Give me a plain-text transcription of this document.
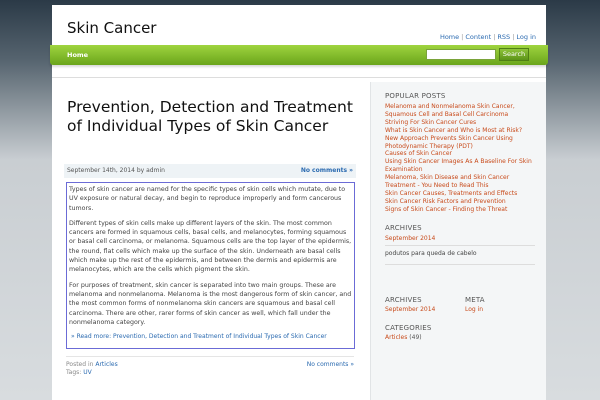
Skin Cancer	Home | Content | RSS | Log in
Home	Search
Prevention, Detection and Treatment of Individual Types of Skin Cancer
September 14th, 2014 by admin	No comments »

Types of skin cancer are named for the specific types of skin cells which mutate, due to UV exposure or natural decay, and begin to reproduce improperly and form cancerous tumors.

Different types of skin cells make up different layers of the skin. The most common cancers are formed in squamous cells, basal cells, and melanocytes, forming squamous or basal cell carcinoma, or melanoma. Squamous cells are the top layer of the epidermis, the round, flat cells which make up the surface of the skin. Underneath are basal cells which make up the rest of the epidermis, and between the dermis and epidermis are melanocytes, which are the cells which pigment the skin.

For purposes of treatment, skin cancer is separated into two main groups. These are melanoma and nonmelanoma. Melanoma is the most dangerous form of skin cancer, and the most common forms of nonmelanoma skin cancers are squamous and basal cell carcinoma. There are other, rarer forms of skin cancer as well, which fall under the nonmelanoma category.

» Read more: Prevention, Detection and Treatment of Individual Types of Skin Cancer
Posted in Articles
Tags: UV
No comments »
POPULAR POSTS
Melanoma and Nonmelanoma Skin Cancer,
Squamous Cell and Basal Cell Carcinoma
Striving For Skin Cancer Cures
What is Skin Cancer and Who is Most at Risk?
New Approach Prevents Skin Cancer Using
Photodynamic Therapy (PDT)
Causes of Skin Cancer
Using Skin Cancer Images As A Baseline For Skin
Examination
Melanoma, Skin Disease and Skin Cancer
Treatment - You Need to Read This
Skin Cancer Causes, Treatments and Effects
Skin Cancer Risk Factors and Prevention
Signs of Skin Cancer - Finding the Threat
ARCHIVES
September 2014
podutos para queda de cabelo
ARCHIVES
September 2014
META
Log in
CATEGORIES
Articles (49)
